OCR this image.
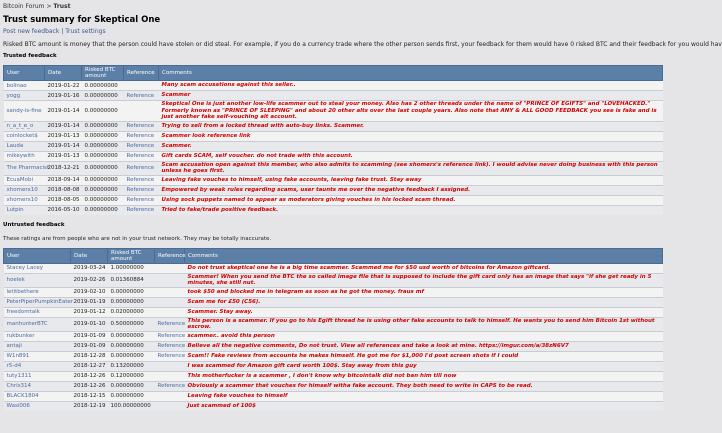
Bitcoin Forum > Trust
Trust summary for Skeptical One
Post new feedback | Trust settings
Risked BTC amount is money that the person could have stolen or did steal. For example, if you do a currency trade where the other person sends first, your feedback for them would have 0 risked BTC and their feedback for you would hav
Trusted feedback
User	Date	Risked BTC amount	Reference	Comments
bolinao	2019-01-22	0.00000000		Many scam accusations against this seller..
yogg	2019-01-16	0.00000000	Reference	Scammer
sandy-is-fine	2019-01-14	0.00000000		Skeptical One is just another low-life scammer out to steal your money. Also has 2 other threads under the name of "PRINCE OF EGIFTS" and "LOVEHACKED." Formerly known as "PRINCE OF SLEEPING" and about 20 other alts over the last couple years. Also note that ANY & ALL GOOD FEEDBACK you see is fake and is just another fake self-vouching alt account.
n_a_t_e_o	2019-01-14	0.00000000	Reference	Trying to sell from a locked thread with auto-buy links. Scammer.
coinlocket$	2019-01-13	0.00000000	Reference	Scammer look reference link
Lauda	2019-01-14	0.00000000	Reference	Scammer.
mikeywith	2019-01-13	0.00000000	Reference	Gift cards SCAM, self voucher. do not trade with this account.
The Pharmacist	2018-12-21	0.00000000	Reference	Scam accusation open against this member, who also admits to scamming (see xhomerx's reference link). I would advise never doing business with this person unless he goes first.
EcuaMobi	2018-09-14	0.00000000	Reference	Leaving fake vouches to himself, using fake accounts, leaving fake trust. Stay away
xhomerx10	2018-08-08	0.00000000	Reference	Empowered by weak rules regarding scams, user taunts me over the negative feedback I assigned.
xhomerx10	2018-08-05	0.00000000	Reference	Using sock puppets named to appear as moderators giving vouches in his locked scam thread.
Lutpin	2016-05-10	0.00000000	Reference	Tried to fake/trade positive feedback.
Untrusted feedback
These ratings are from people who are not in your trust network. They may be totally inaccurate.
User	Date	Risked BTC amount	Reference	Comments
Stacey Lacey	2019-03-24	1.00000000		Do not trust skeptical one he is a big time scammer. Scammed me for $50 usd worth of bitcoins for Amazon giftcard.
hoelek	2019-02-26	0.01360884		Scammer! When you send the BTC the so called image file that is supposed to include the gift card only has an image that says "if she get ready in 5 minutes, she still nut.
letitbethere	2019-02-10	0.00000000		took $50 and blocked me in telegram as soon as he got the money. fraus mf
PeterPiperPumpkinEater	2019-01-19	0.00000000		Scam me for £50 (C56).
freedomtalk	2019-01-12	0.02000000		Scammer. Stay away.
manhunterBTC	2019-01-10	0.50000000	Reference	This person is a scammer. If you go to his Egift thread he is using other fake accounts to talk to himself. He wants you to send him Bitcoin 1st without escrow.
rukbunker	2019-01-09	0.00000000	Reference	scammer.. avoid this person
antaji	2019-01-09	0.00000000	Reference	Believe all the negative comments, Do not trust. View all references and take a look at mine. https://imgur.com/a/38zN6V7
W1n891	2018-12-28	0.00000000	Reference	Scam!! Fake reviews from accounts he makes himself. He got me for $1,000 I'd post screen shots if I could
r5-d4	2018-12-27	0.13200000		I was scammed for Amazon gift card worth 100$. Stay away from this guy
tuty1311	2018-12-26	0.12000000		This motherfucker is a scammer , I don't know why bitcointalk did not ban him till now
Chris314	2018-12-26	0.00000000	Reference	Obviously a scammer that vouches for himself witha fake account. They both need to write in CAPS to be read.
BLACK1804	2018-12-15	0.00000000		Leaving fake vouches to himself
Wasi006	2018-12-19	100.00000000		Just scammed of 100$
